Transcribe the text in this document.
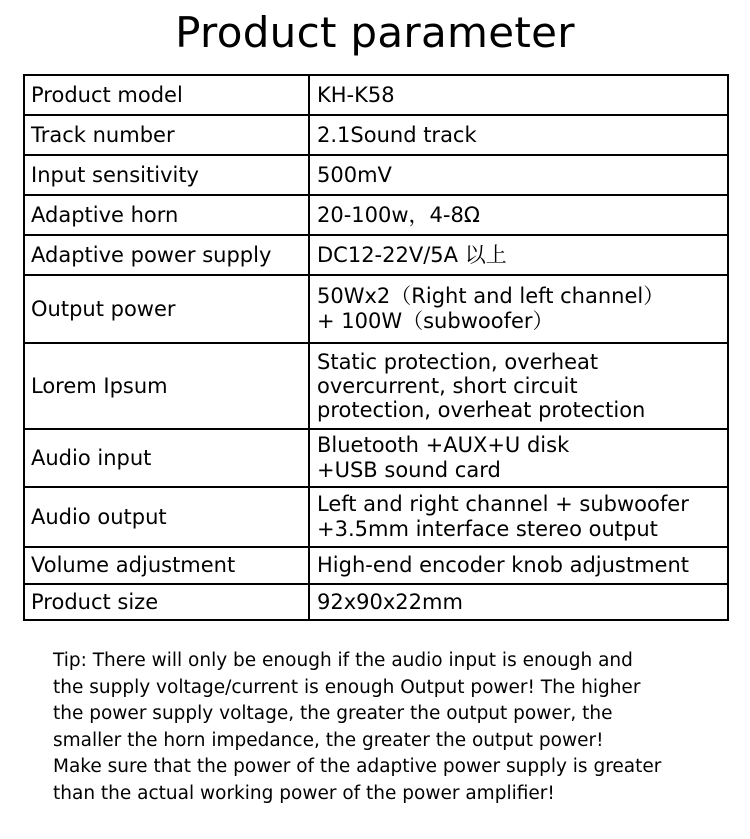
Product parameter
Product model	KH-K58

Track number	2.1Sound track

Input sensitivity	500mV

Adaptive horn	20-100w，4-8Ω

Adaptive power supply	DC12-22V/5A 以上

Output power	50Wx2（Right and left channel）
+ 100W（subwoofer）

Lorem Ipsum	Static protection, overheat
overcurrent, short circuit
protection, overheat protection

Audio input	Bluetooth +AUX+U disk
+USB sound card

Audio output	Left and right channel + subwoofer
+3.5mm interface stereo output

Volume adjustment	High-end encoder knob adjustment

Product size	92x90x22mm
Tip: There will only be enough if the audio input is enough and
the supply voltage/current is enough Output power! The higher
the power supply voltage, the greater the output power, the
smaller the horn impedance, the greater the output power!
Make sure that the power of the adaptive power supply is greater
than the actual working power of the power amplifier!
